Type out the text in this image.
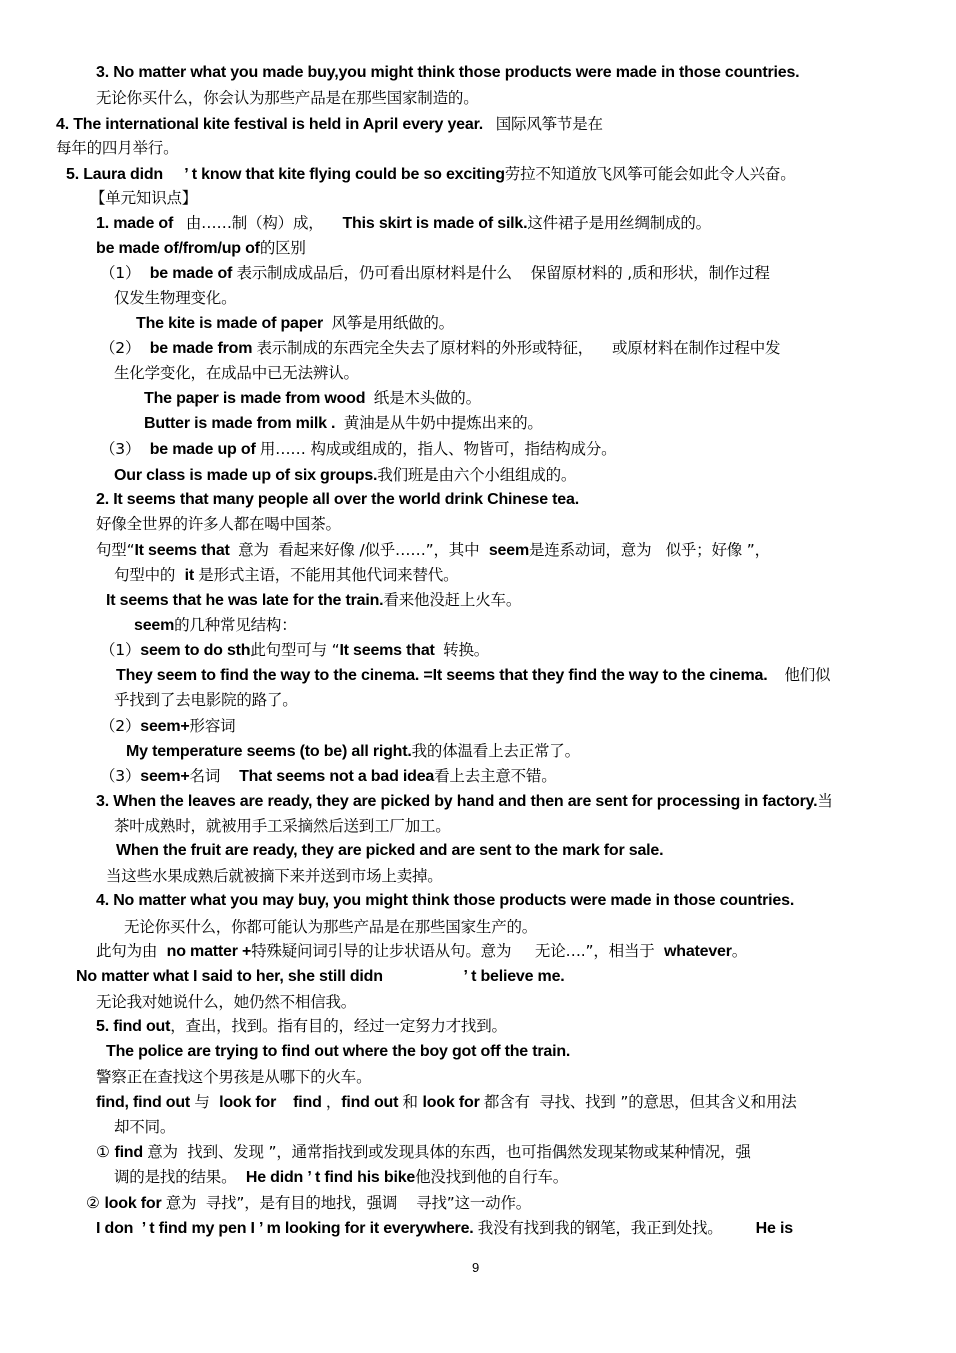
3. No matter what you made buy,you might think those products were made in those countries.
无论你买什么，你会认为那些产品是在那些国家制造的。
4. The international kite festival is held in April every year.   国际风筝节是在
每年的四月举行。
5. Laura didn     ’ t know that kite flying could be so exciting劳拉不知道放飞风筝可能会如此令人兴奋。
【单元知识点】
1. made of   由……制（构）成，    This skirt is made of silk.这件裙子是用丝绸制成的。
be made of/from/up of的区别
（1）  be made of 表示制成成品后，仍可看出原材料是什么    保留原材料的 ,质和形状，制作过程
仅发生物理变化。
The kite is made of paper  风筝是用纸做的。
（2）  be made from 表示制成的东西完全失去了原材料的外形或特征，    或原材料在制作过程中发
生化学变化，在成品中已无法辨认。
The paper is made from wood  纸是木头做的。
Butter is made from milk .  黄油是从牛奶中提炼出来的。
（3）  be made up of 用…… 构成或组成的，指人、物皆可，指结构成分。
Our class is made up of six groups.我们班是由六个小组组成的。
2. It seems that many people all over the world drink Chinese tea.
好像全世界的许多人都在喝中国茶。
句型“It seems that  意为  看起来好像 /似乎……”，其中  seem是连系动词，意为   似乎；好像 ”，
句型中的  it 是形式主语，不能用其他代词来替代。
It seems that he was late for the train.看来他没赶上火车。
seem的几种常见结构：
（1）seem to do sth此句型可与 “It seems that  转换。
They seem to find the way to the cinema. =It seems that they find the way to the cinema.    他们似
乎找到了去电影院的路了。
（2）seem+形容词
My temperature seems (to be) all right.我的体温看上去正常了。
（3）seem+名词    That seems not a bad idea看上去主意不错。
3. When the leaves are ready, they are picked by hand and then are sent for processing in factory.当
茶叶成熟时，就被用手工采摘然后送到工厂加工。
When the fruit are ready, they are picked and are sent to the mark for sale.
当这些水果成熟后就被摘下来并送到市场上卖掉。
4. No matter what you may buy, you might think those products were made in those countries.
无论你买什么，你都可能认为那些产品是在那些国家生产的。
此句为由  no matter +特殊疑问词引导的让步状语从句。意为     无论….”，相当于  whatever。
No matter what I said to her, she still didn                   ’ t believe me.
无论我对她说什么，她仍然不相信我。
5. find out，查出，找到。指有目的，经过一定努力才找到。
The police are trying to find out where the boy got off the train.
警察正在查找这个男孩是从哪下的火车。
find, find out 与  look for    find ，find out 和 look for 都含有  寻找、找到 ”的意思，但其含义和用法
却不同。
① find 意为  找到、发现 ”，通常指找到或发现具体的东西，也可指偶然发现某物或某种情况，强
调的是找的结果。  He didn ’ t find his bike他没找到他的自行车。
② look for 意为  寻找”，是有目的地找，强调    寻找”这一动作。
I don  ’ t find my pen I ’ m looking for it everywhere. 我没有找到我的钢笔，我正到处找。       He is
9
